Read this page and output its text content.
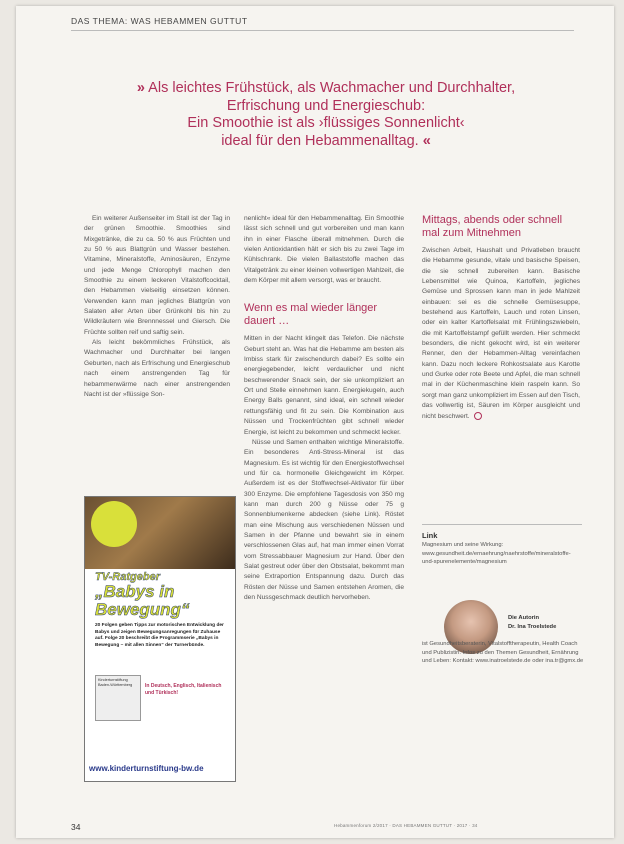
DAS THEMA: WAS HEBAMMEN GUTTUT
» Als leichtes Frühstück, als Wachmacher und Durchhalter,
Erfrischung und Energieschub:
Ein Smoothie ist als ›flüssiges Sonnenlicht‹
ideal für den Hebammenalltag. «

Ein weiterer Außenseiter im Stall ist der Tag in der grünen Smoothie. Smoothies sind Mixgetränke, die zu ca. 50 % aus Früchten und zu 50 % aus Blattgrün und Wasser bestehen. Vitamine, Mineralstoffe, Aminosäuren, Enzyme und jede Menge Chlorophyll machen den Smoothie zu einem leckeren Vitalstoffcocktail, den Hebammen vielseitig einsetzen können. Verwenden kann man jegliches Blattgrün von Salaten aller Arten über Grünkohl bis hin zu Wildkräutern wie Brennnessel und Giersch. Die Früchte sollten reif und saftig sein.

Als leicht bekömmliches Frühstück, als Wachmacher und Durchhalter bei langen Geburten, nach als Erfrischung und Energieschub nach einem anstrengenden Tag für hebammenwärme nach einer anstrengenden Nacht ist der »flüssige Son-

nenlicht« ideal für den Hebammenalltag. Ein Smoothie lässt sich schnell und gut vorbereiten und man kann ihn in einer Flasche überall mitnehmen. Durch die vielen Antioxidantien hält er sich bis zu zwei Tage im Kühlschrank. Die vielen Ballaststoffe machen das Vitalgetränk zu einer kleinen vollwertigen Mahlzeit, die dem Körper mit allem versorgt, was er braucht.

Wenn es mal wieder länger dauert …

Mitten in der Nacht klingelt das Telefon. Die nächste Geburt steht an. Was hat die Hebamme am besten als Imbiss stark für zwischendurch dabei? Es sollte ein energiegebender, leicht verdaulicher und nicht beschwerender Snack sein, der sie unkompliziert an Ort und Stelle einnehmen kann. Energiekugeln, auch Energy Balls genannt, sind ideal, ein schnell wieder rettungsfähig und fit zu sein. Die Kombination aus Nüssen und Trockenfrüchten gibt schnell wieder Energie, ist leicht zu bekommen und schmeckt lecker.

Nüsse und Samen enthalten wichtige Mineralstoffe. Ein besonderes Anti-Stress-Mineral ist das Magnesium. Es ist wichtig für den Energiestoffwechsel und für ca. hormonelle Gleichgewicht im Körper. Außerdem ist es der Stoffwechsel-Aktivator für über 300 Enzyme. Die empfohlene Tagesdosis von 350 mg kann man durch 200 g Nüsse oder 75 g Sonnenblumenkerne abdecken (siehe Link). Röstet man eine Mischung aus verschiedenen Nüssen und Samen in der Pfanne und bewahrt sie in einem verschlossenen Glas auf, hat man immer einen Vorrat vom Stressabbauer Magnesium zur Hand. Über den Salat gestreut oder über den Obstsalat, bekommt man seine Extraportion Entspannung dazu. Durch das Rösten der Nüsse und Samen entstehen Aromen, die den Nussgeschmack deutlich hervorheben.

Mittags, abends oder schnell mal zum Mitnehmen

Zwischen Arbeit, Haushalt und Privatleben braucht die Hebamme gesunde, vitale und basische Speisen, die sie schnell zubereiten kann. Basische Lebensmittel wie Quinoa, Kartoffeln, jegliches Gemüse und Sprossen kann man in jede Mahlzeit einbauen: sei es die schnelle Gemüsesuppe, bestehend aus Kartoffeln, Lauch und roten Linsen, oder ein kalter Kartoffelsalat mit Frühlingszwiebeln, die mit Kartoffelstampf gefüllt werden. Hier schmeckt besonders, die nicht gekocht wird, ist ein weiterer Renner, den der Hebammen-Alltag vereinfachen kann. Dazu noch leckere Rohkostsalate aus Karotte und Gurke oder rote Beete und Apfel, die man schnell mal in der Küchenmaschine klein raspeln kann. So sorgt man ganz unkompliziert im Essen auf den Tisch, das vollwertig ist, Säuren im Körper ausgleicht und nicht beschwert.

TV-Ratgeber
„Babys in
Bewegung“
20 Folgen geben Tipps zur motorischen Entwicklung der Babys und zeigen Bewegungsanregungen für Zuhause auf. Folge 20 beschreibt die Programmserie „Babys in Bewegung – mit allen Sinnen“ der Turnerbünde.
Kinderturnstiftung Baden-Württemberg	In Deutsch, Englisch, Italienisch und Türkisch!
www.kinderturnstiftung-bw.de
Link
Magnesium und seine Wirkung: www.gesundheit.de/ernaehrung/naehrstoffe/mineralstoffe-und-spurenelemente/magnesium
Die Autorin
Dr. Ina Troelstede
ist Gesundheitsberaterin, Vitalstofftherapeutin, Health Coach und Publizistin. Infos zu den Themen Gesundheit, Ernährung und Leben: Kontakt: www.inatroelstede.de oder ina.tr@gmx.de
34	Hebammenforum 2/2017 · DAS HEBAMMEN GUTTUT · 2017 · 34
